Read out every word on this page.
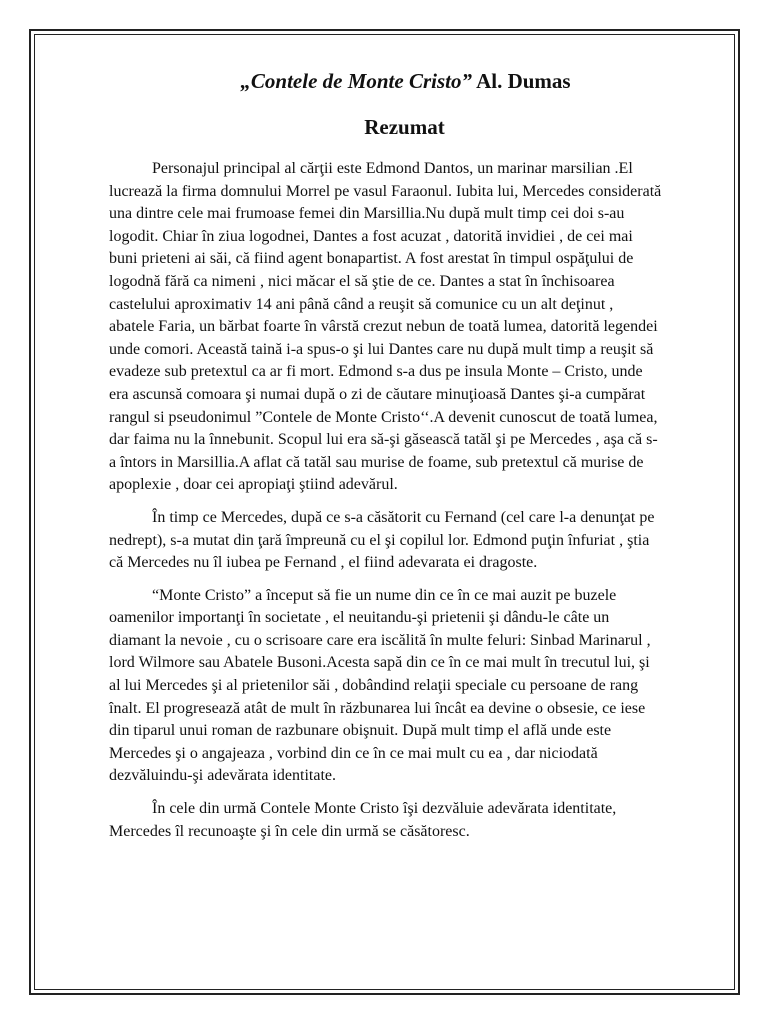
„Contele de Monte Cristo” Al. Dumas
Rezumat

Personajul principal al cărţii este Edmond Dantos, un marinar marsilian .El lucrează la firma domnului Morrel pe vasul Faraonul. Iubita lui, Mercedes considerată una dintre cele mai frumoase femei din Marsillia.Nu după mult timp cei doi s-au logodit. Chiar în ziua logodnei, Dantes a fost acuzat , datorită invidiei , de cei mai buni prieteni ai săi, că fiind agent bonapartist. A fost arestat în timpul ospăţului de logodnă fără ca nimeni , nici măcar el să ştie de ce. Dantes a stat în închisoarea castelului aproximativ 14 ani până când a reuşit să comunice cu un alt deţinut , abatele Faria, un bărbat foarte în vârstă crezut nebun de toată lumea, datorită legendei unde comori. Această taină i-a spus-o şi lui Dantes care nu după mult timp a reuşit să evadeze sub pretextul ca ar fi mort. Edmond s-a dus pe insula Monte – Cristo, unde era ascunsă comoara şi numai după o zi de căutare minuţioasă Dantes şi-a cumpărat rangul si pseudonimul ”Contele de Monte Cristo‘‘.A devenit cunoscut de toată lumea, dar faima nu la înnebunit. Scopul lui era să-şi găsească tatăl şi pe Mercedes , aşa că s-a întors in Marsillia.A aflat că tatăl sau murise de foame, sub pretextul că murise de apoplexie , doar cei apropiaţi ştiind adevărul.

În timp ce Mercedes, după ce s-a căsătorit cu Fernand (cel care l-a denunţat pe nedrept), s-a mutat din ţară împreună cu el şi copilul lor. Edmond puţin înfuriat , ştia că Mercedes nu îl iubea pe Fernand , el fiind adevarata ei dragoste.

“Monte Cristo” a început să fie un nume din ce în ce mai auzit pe buzele oamenilor importanţi în societate , el neuitandu-şi prietenii şi dându-le câte un diamant la nevoie , cu o scrisoare care era iscălită în multe feluri: Sinbad Marinarul , lord Wilmore sau Abatele Busoni.Acesta sapă din ce în ce mai mult în trecutul lui, şi al lui Mercedes şi al prietenilor săi , dobândind relaţii speciale cu persoane de rang înalt. El progresează atât de mult în răzbunarea lui încât ea devine o obsesie, ce iese din tiparul unui roman de razbunare obişnuit. După mult timp el află unde este Mercedes şi o angajeaza , vorbind din ce în ce mai mult cu ea , dar niciodată dezvăluindu-şi adevărata identitate.

În cele din urmă Contele Monte Cristo îşi dezvăluie adevărata identitate, Mercedes îl recunoaşte şi în cele din urmă se căsătoresc.
